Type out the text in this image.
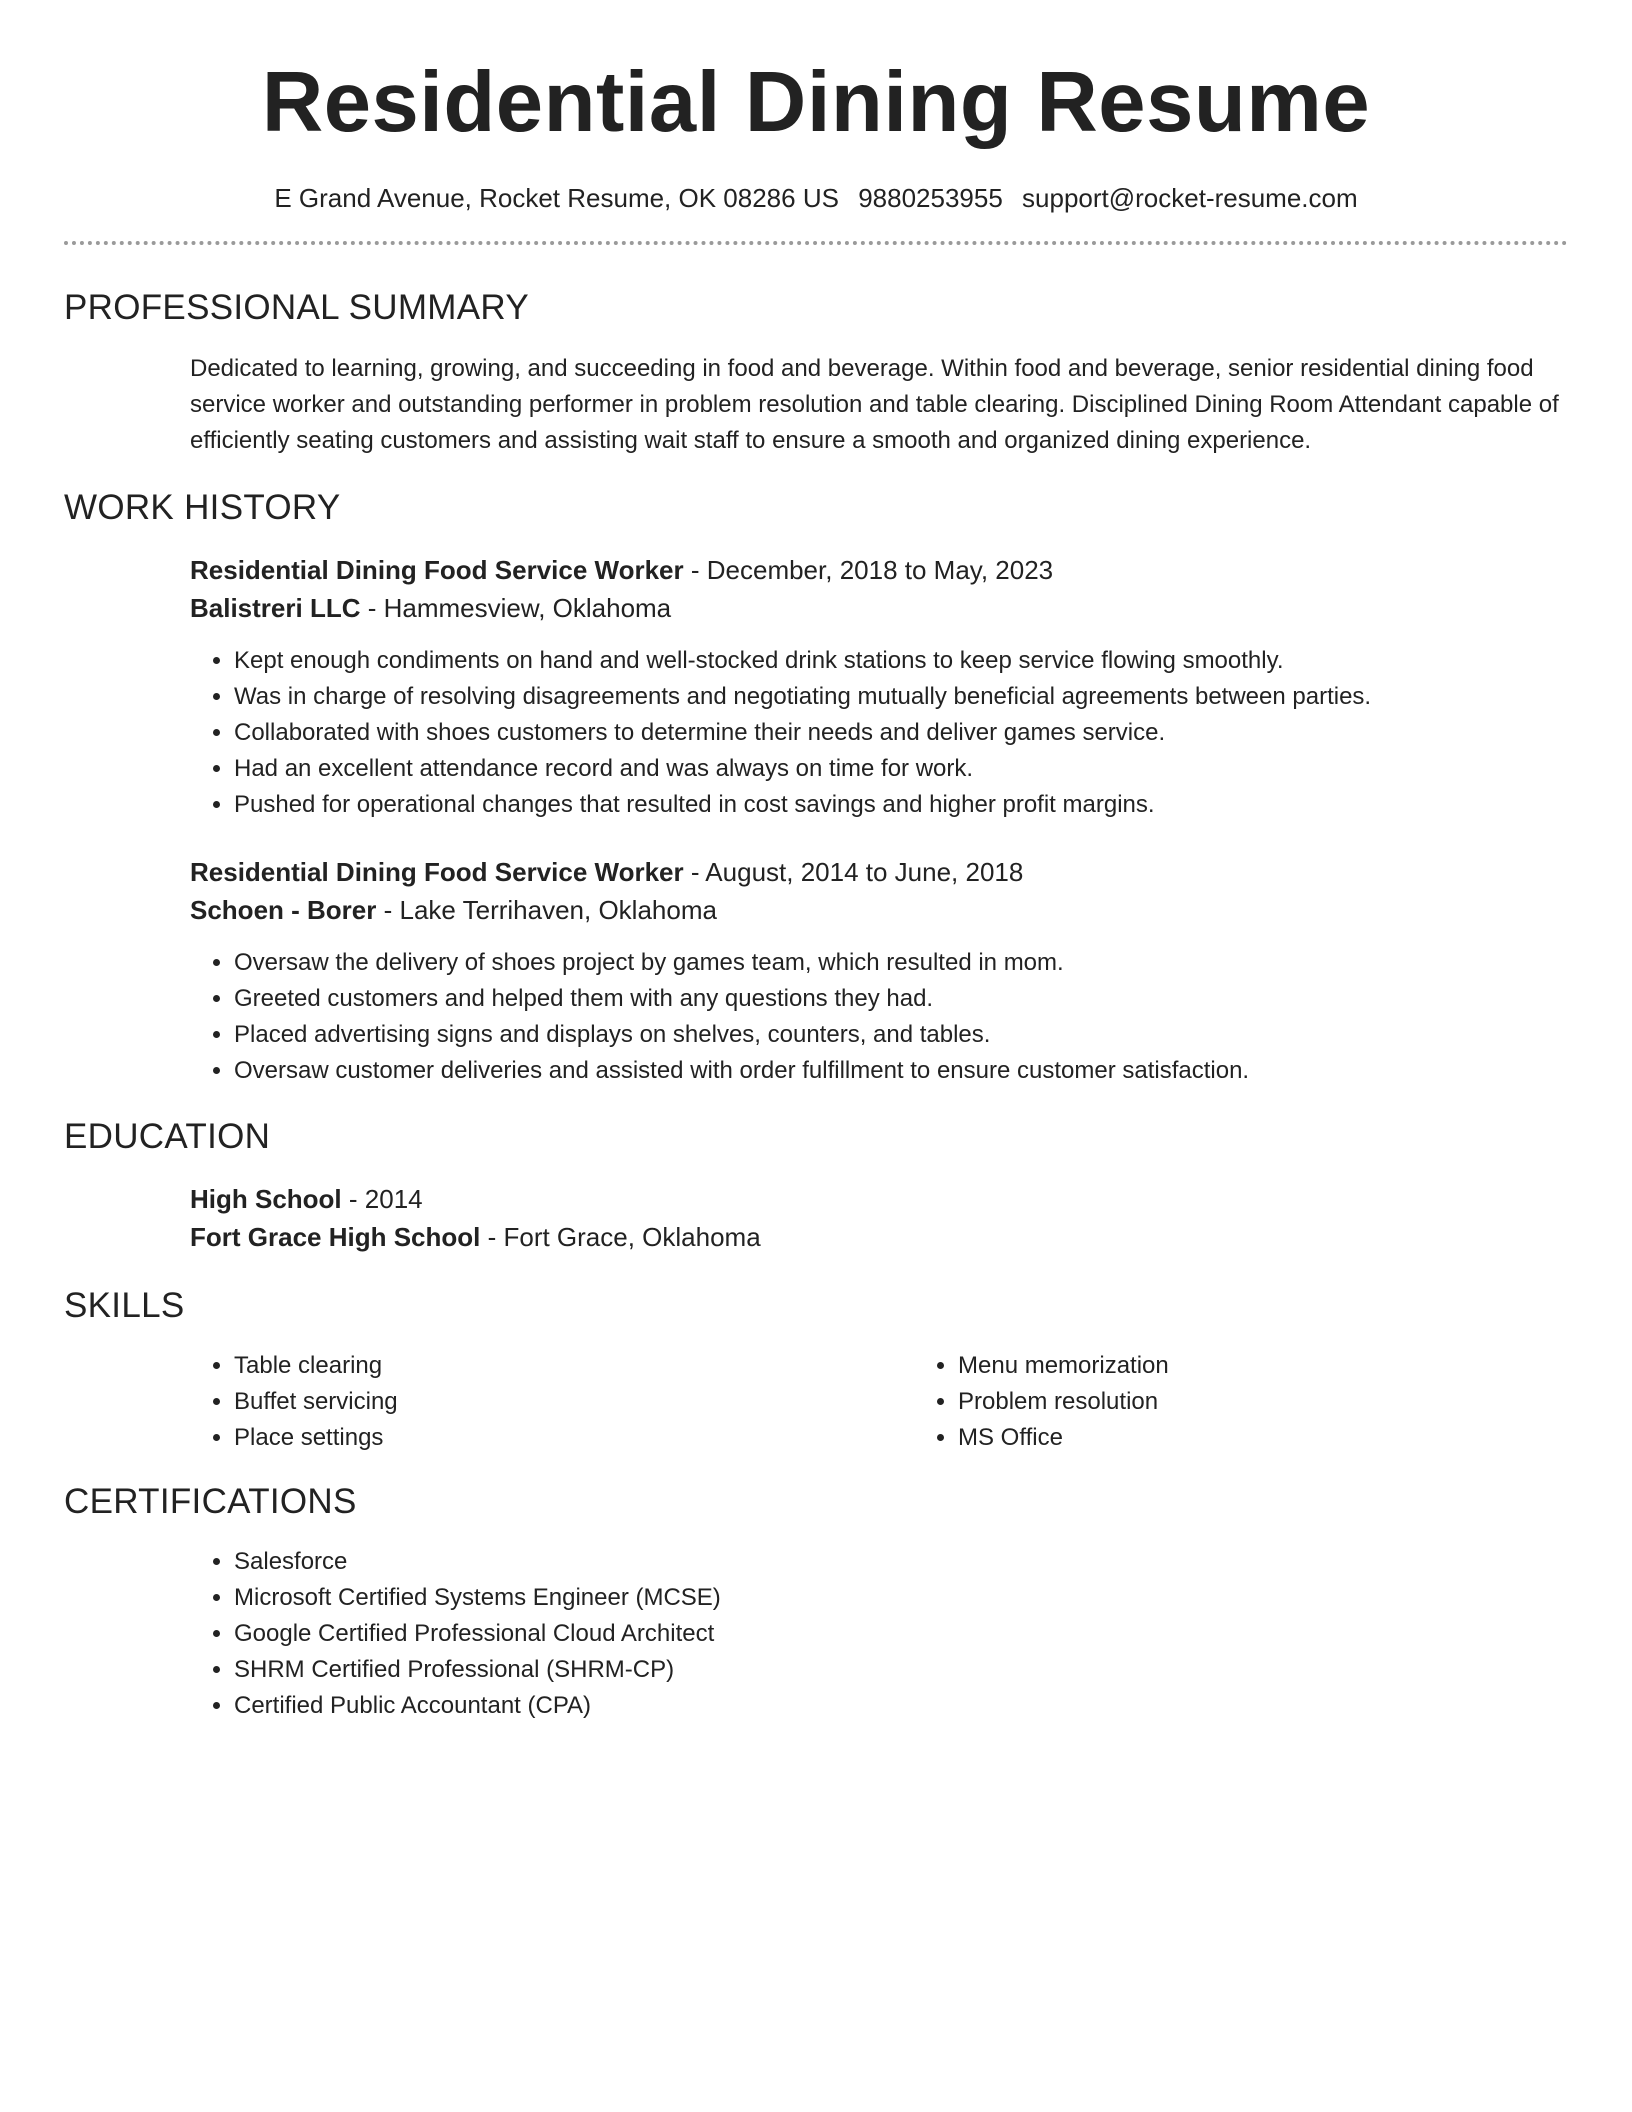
Residential Dining Resume
E Grand Avenue, Rocket Resume, OK 08286 US 9880253955 support@rocket-resume.com
PROFESSIONAL SUMMARY

Dedicated to learning, growing, and succeeding in food and beverage. Within food and beverage, senior residential dining food service worker and outstanding performer in problem resolution and table clearing. Disciplined Dining Room Attendant capable of efficiently seating customers and assisting wait staff to ensure a smooth and organized dining experience.

WORK HISTORY

Residential Dining Food Service Worker - December, 2018 to May, 2023

Balistreri LLC - Hammesview, Oklahoma

• Kept enough condiments on hand and well-stocked drink stations to keep service flowing smoothly.
• Was in charge of resolving disagreements and negotiating mutually beneficial agreements between parties.
• Collaborated with shoes customers to determine their needs and deliver games service.
• Had an excellent attendance record and was always on time for work.
• Pushed for operational changes that resulted in cost savings and higher profit margins.

Residential Dining Food Service Worker - August, 2014 to June, 2018

Schoen - Borer - Lake Terrihaven, Oklahoma

• Oversaw the delivery of shoes project by games team, which resulted in mom.
• Greeted customers and helped them with any questions they had.
• Placed advertising signs and displays on shelves, counters, and tables.
• Oversaw customer deliveries and assisted with order fulfillment to ensure customer satisfaction.
EDUCATION

High School - 2014

Fort Grace High School - Fort Grace, Oklahoma

SKILLS
• Table clearing
• Buffet servicing
• Place settings
• Menu memorization
• Problem resolution
• MS Office
CERTIFICATIONS
• Salesforce
• Microsoft Certified Systems Engineer (MCSE)
• Google Certified Professional Cloud Architect
• SHRM Certified Professional (SHRM-CP)
• Certified Public Accountant (CPA)
